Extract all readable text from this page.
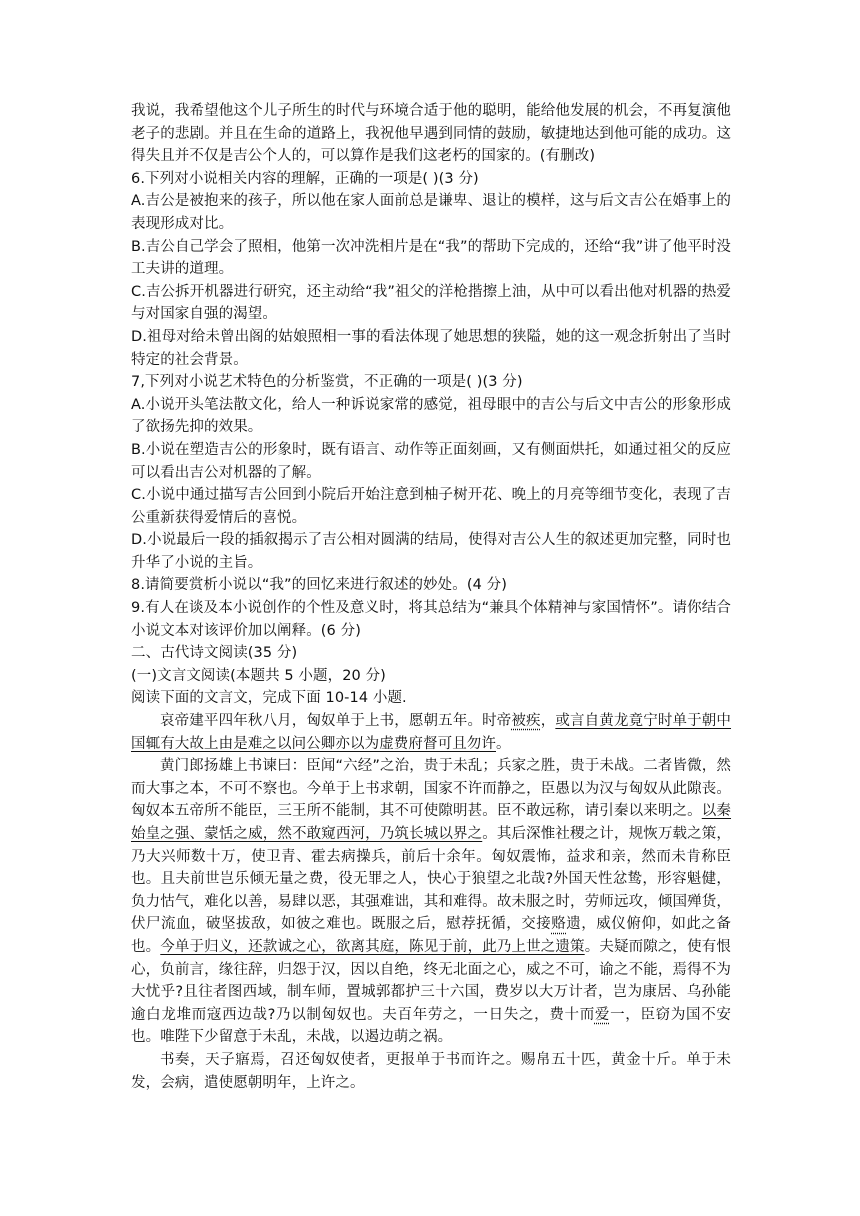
我说，我希望他这个儿子所生的时代与环境合适于他的聪明，能给他发展的机会，不再复演他老子的悲剧。并且在生命的道路上，我祝他早遇到同情的鼓励，敏捷地达到他可能的成功。这得失且并不仅是吉公个人的，可以算作是我们这老朽的国家的。(有删改)

6.下列对小说相关内容的理解，正确的一项是( )(3 分)

A.吉公是被抱来的孩子，所以他在家人面前总是谦卑、退让的模样，这与后文吉公在婚事上的表现形成对比。

B.吉公自己学会了照相，他第一次冲洗相片是在“我”的帮助下完成的，还给“我”讲了他平时没工夫讲的道理。

C.吉公拆开机器进行研究，还主动给“我”祖父的洋枪揩擦上油，从中可以看出他对机器的热爱与对国家自强的渴望。

D.祖母对给未曾出阁的姑娘照相一事的看法体现了她思想的狭隘，她的这一观念折射出了当时特定的社会背景。

7,下列对小说艺术特色的分析鉴赏，不正确的一项是( )(3 分)

A.小说开头笔法散文化，给人一种诉说家常的感觉，祖母眼中的吉公与后文中吉公的形象形成了欲扬先抑的效果。

B.小说在塑造吉公的形象时，既有语言、动作等正面刻画，又有侧面烘托，如通过祖父的反应可以看出吉公对机器的了解。

C.小说中通过描写吉公回到小院后开始注意到柚子树开花、晚上的月亮等细节变化，表现了吉公重新获得爱情后的喜悦。

D.小说最后一段的插叙揭示了吉公相对圆满的结局，使得对吉公人生的叙述更加完整，同时也升华了小说的主旨。

8.请简要赏析小说以“我”的回忆来进行叙述的妙处。(4 分)

9.有人在谈及本小说创作的个性及意义时，将其总结为“兼具个体精神与家国情怀”。请你结合小说文本对该评价加以阐释。(6 分)

二、古代诗文阅读(35 分)

(一)文言文阅读(本题共 5 小题，20 分)

阅读下面的文言文，完成下面 10-14 小题.

哀帝建平四年秋八月，匈奴单于上书，愿朝五年。时帝被疾，或言自黄龙竟宁时单于朝中国辄有大故上由是难之以问公卿亦以为虚费府督可且勿许。

黄门郎扬雄上书谏曰：臣闻“六经”之治，贵于未乱；兵家之胜，贵于未战。二者皆微，然而大事之本，不可不察也。今单于上书求朝，国家不许而静之，臣愚以为汉与匈奴从此隙丧。匈奴本五帝所不能臣，三王所不能制，其不可使隙明甚。臣不敢远称，请引秦以来明之。以秦始皇之强、蒙恬之威，然不敢窥西河，乃筑长城以界之。其后深惟社稷之计，规恢万载之策，乃大兴师数十万，使卫青、霍去病操兵，前后十余年。匈奴震怖，益求和亲，然而未肯称臣也。且夫前世岂乐倾无量之费，役无罪之人，快心于狼望之北哉?外国天性忿鸷，形容魁健，负力怙气，难化以善，易肆以恶，其强难诎，其和难得。故未服之时，劳师远攻，倾国殚货，伏尸流血，破坚拔敌，如彼之难也。既服之后，慰荐抚循，交接赂遗，威仪俯仰，如此之备也。今单于归义，还款诚之心，欲离其庭，陈见于前，此乃上世之遗策。夫疑而隙之，使有恨心，负前言，缘往辞，归怨于汉，因以自绝，终无北面之心，威之不可，谕之不能，焉得不为大忧乎?且往者图西域，制车师，置城郭都护三十六国，费岁以大万计者，岂为康居、乌孙能逾白龙堆而寇西边哉?乃以制匈奴也。夫百年劳之，一日失之，费十而爱一，臣窃为国不安也。唯陛下少留意于未乱，未战，以遏边萌之祸。

书奏，天子寤焉，召还匈奴使者，更报单于书而许之。赐帛五十匹，黄金十斤。单于未发，会病，遣使愿朝明年，上许之。
